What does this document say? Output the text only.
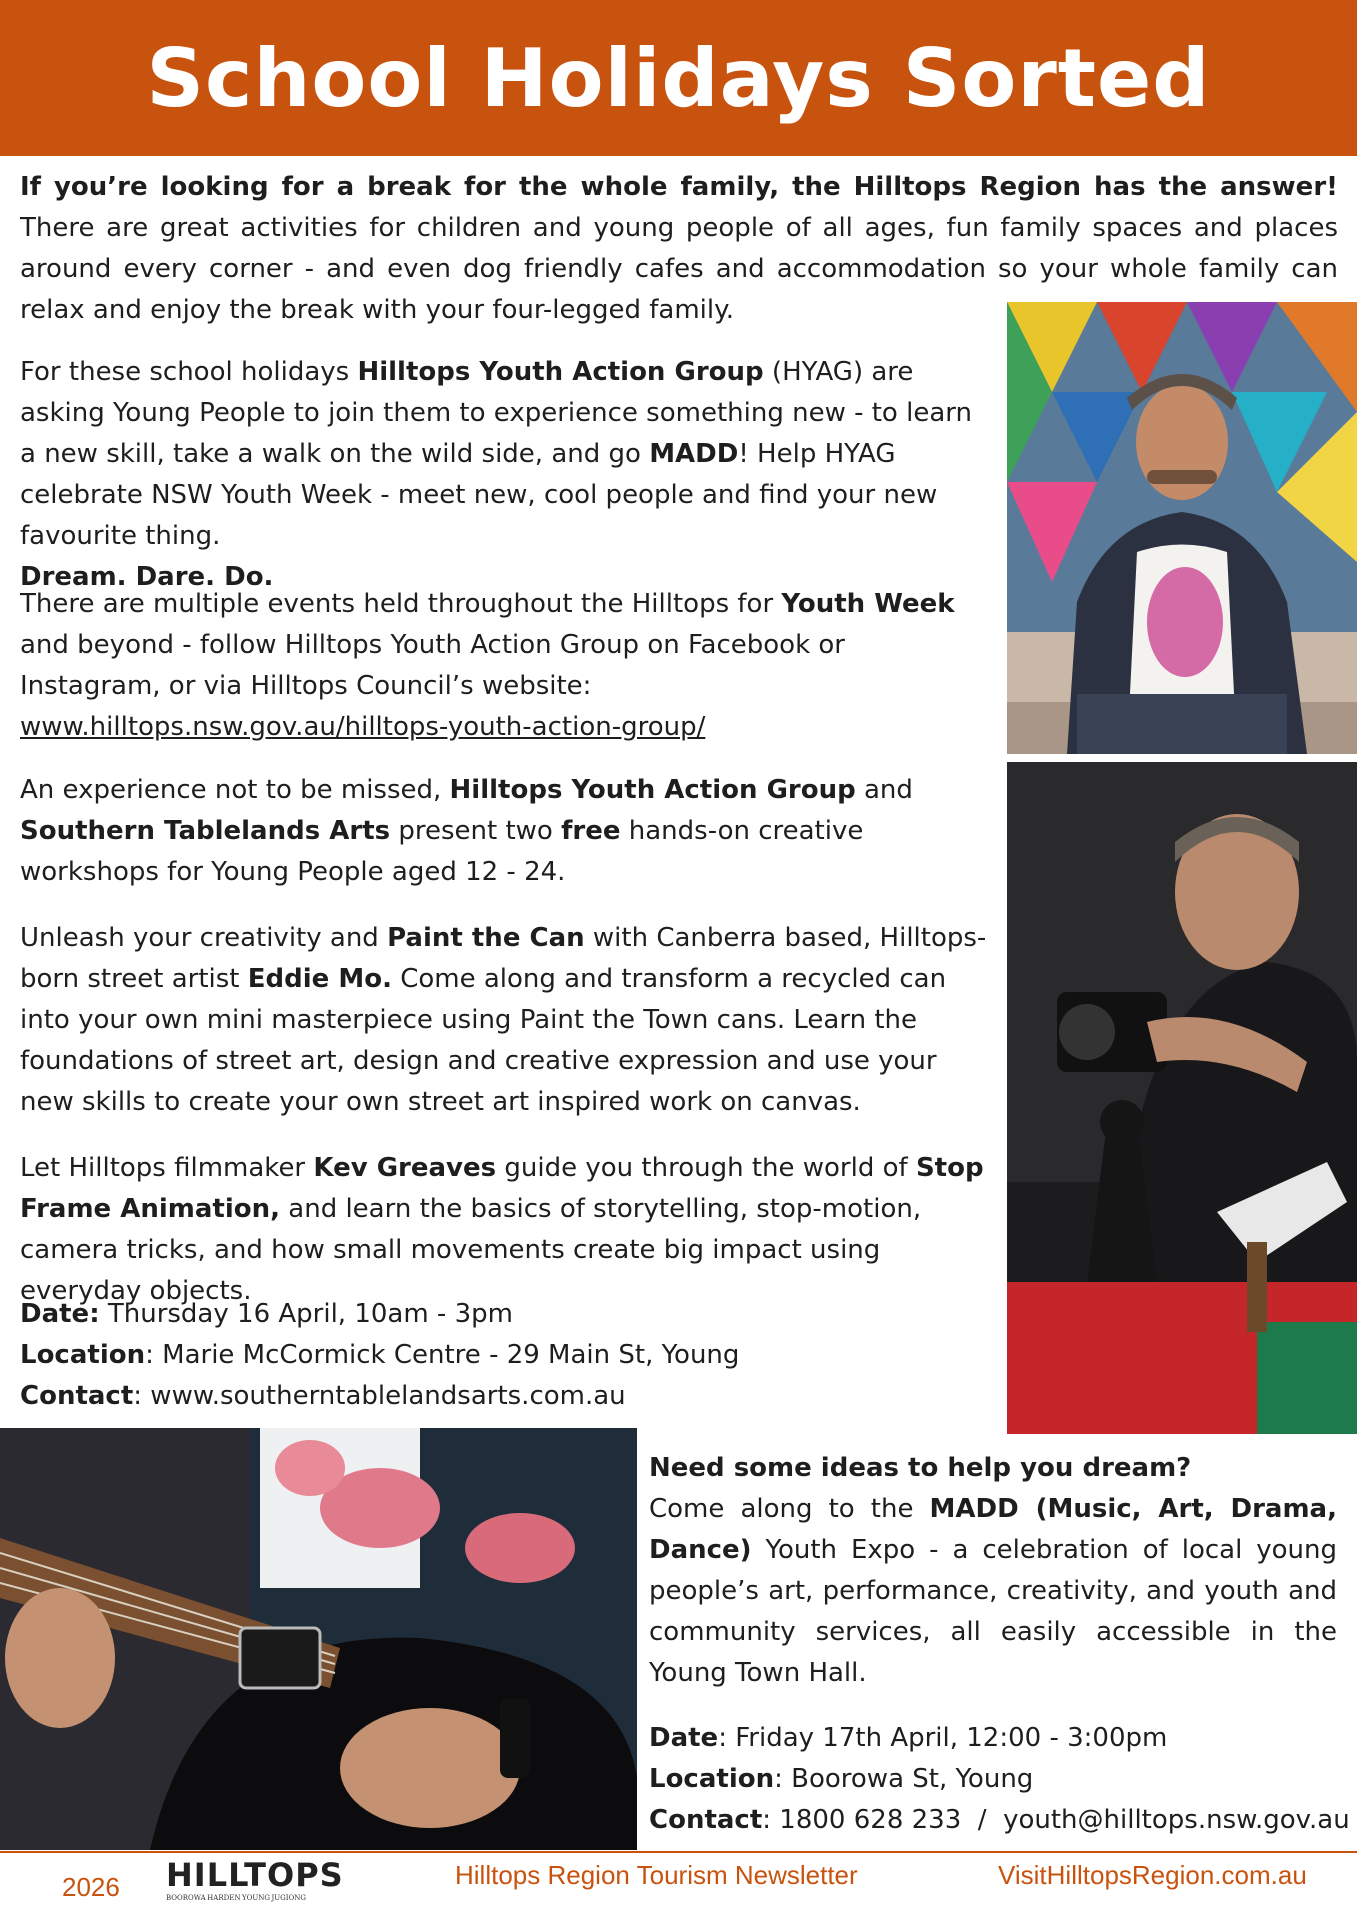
School Holidays Sorted

If you’re looking for a break for the whole family, the Hilltops Region has the answer! There are great activities for children and young people of all ages, fun family spaces and places around every corner - and even dog friendly cafes and accommodation so your whole family can relax and enjoy the break with your four-legged family.

For these school holidays Hilltops Youth Action Group (HYAG) are asking Young People to join them to experience something new - to learn a new skill, take a walk on the wild side, and go MADD! Help HYAG celebrate NSW Youth Week - meet new, cool people and find your new favourite thing.
Dream. Dare. Do.

There are multiple events held throughout the Hilltops for Youth Week and beyond - follow Hilltops Youth Action Group on Facebook or Instagram, or via Hilltops Council’s website: www.hilltops.nsw.gov.au/hilltops-youth-action-group/

An experience not to be missed, Hilltops Youth Action Group and Southern Tablelands Arts present two free hands-on creative workshops for Young People aged 12 - 24.

Unleash your creativity and Paint the Can with Canberra based, Hilltops-born street artist Eddie Mo. Come along and transform a recycled can into your own mini masterpiece using Paint the Town cans. Learn the foundations of street art, design and creative expression and use your new skills to create your own street art inspired work on canvas.

Let Hilltops filmmaker Kev Greaves guide you through the world of Stop Frame Animation, and learn the basics of storytelling, stop-motion, camera tricks, and how small movements create big impact using everyday objects.

Date: Thursday 16 April, 10am - 3pm
Location: Marie McCormick Centre - 29 Main St, Young
Contact: www.southerntablelandsarts.com.au

Need some ideas to help you dream?

Come along to the MADD (Music, Art, Drama, Dance) Youth Expo - a celebration of local young people’s art, performance, creativity, and youth and community services, all easily accessible in the Young Town Hall.

Date: Friday 17th April, 12:00 - 3:00pm
Location: Boorowa St, Young
Contact: 1800 628 233  /  youth@hilltops.nsw.gov.au

2026 HILLTOPS
BOOROWA HARDEN YOUNG JUGIONG
Hilltops Region Tourism Newsletter	VisitHilltopsRegion.com.au
